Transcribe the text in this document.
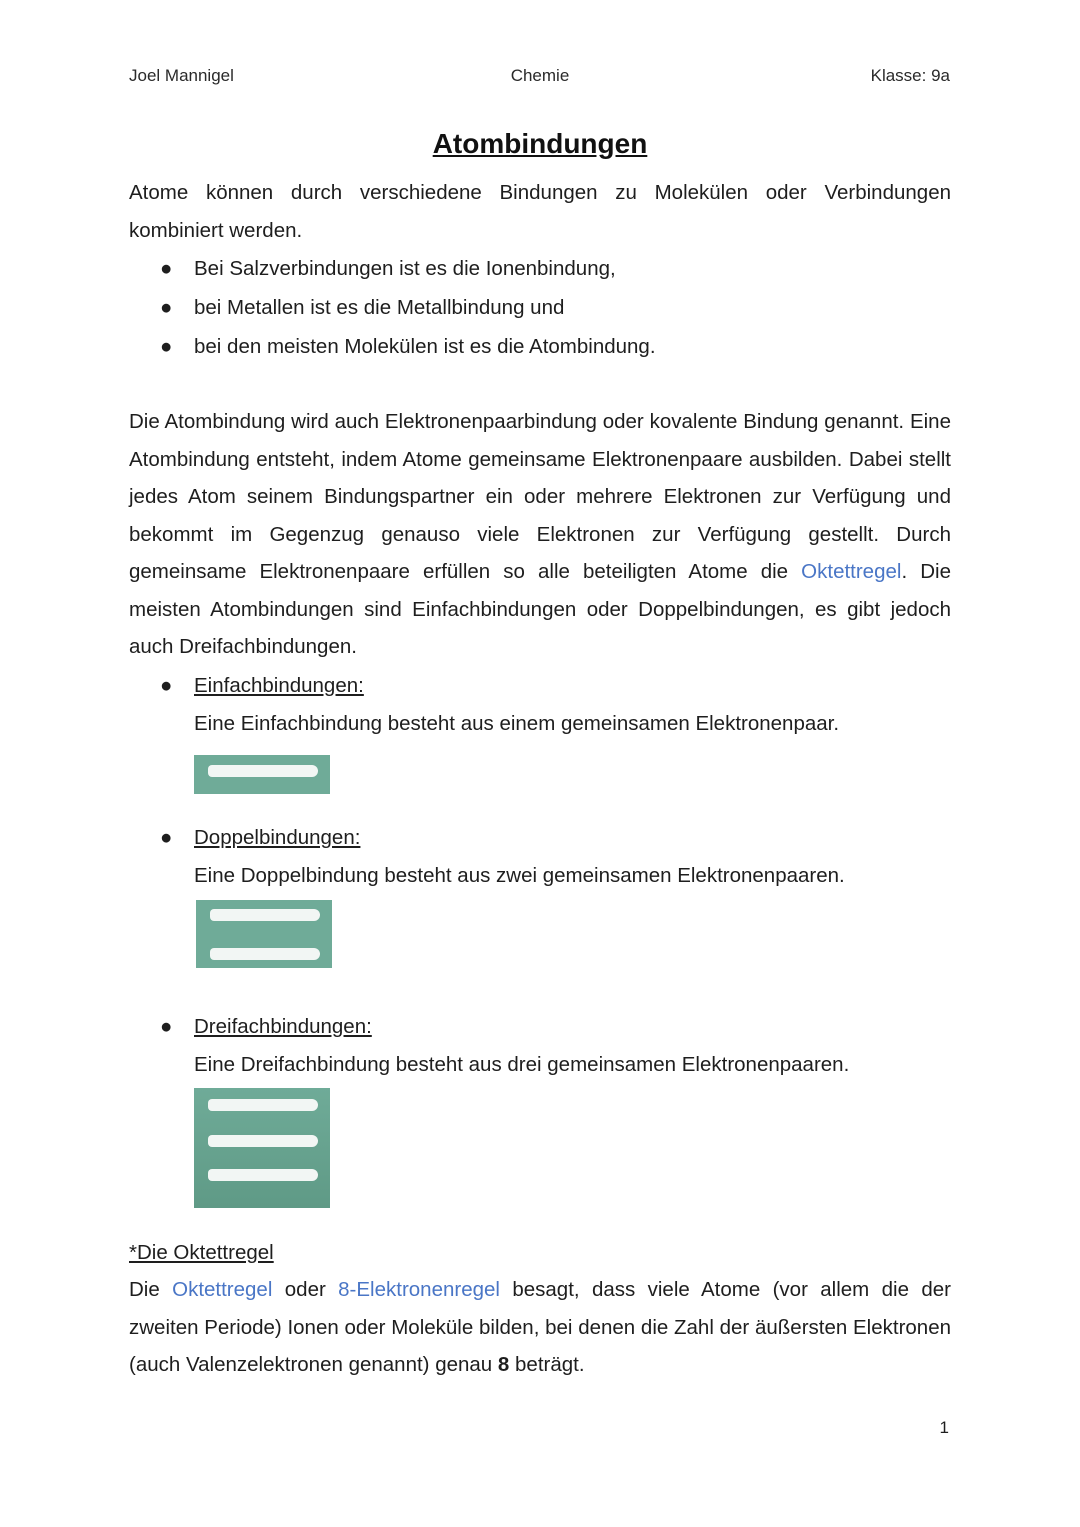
Joel Mannigel	Chemie	Klasse: 9a
Atombindungen

Atome können durch verschiedene Bindungen zu Molekülen oder Verbindungen kombiniert werden.

● Bei Salzverbindungen ist es die Ionenbindung,
● bei Metallen ist es die Metallbindung und
● bei den meisten Molekülen ist es die Atombindung.

Die Atombindung wird auch Elektronenpaarbindung oder kovalente Bindung genannt. Eine Atombindung entsteht, indem Atome gemeinsame Elektronenpaare ausbilden. Dabei stellt jedes Atom seinem Bindungspartner ein oder mehrere Elektronen zur Verfügung und bekommt im Gegenzug genauso viele Elektronen zur Verfügung gestellt. Durch gemeinsame Elektronenpaare erfüllen so alle beteiligten Atome die Oktettregel. Die meisten Atombindungen sind Einfachbindungen oder Doppelbindungen, es gibt jedoch auch Dreifachbindungen.

● Einfachbindungen:
Eine Einfachbindung besteht aus einem gemeinsamen Elektronenpaar.
● Doppelbindungen:
Eine Doppelbindung besteht aus zwei gemeinsamen Elektronenpaaren.
● Dreifachbindungen:
Eine Dreifachbindung besteht aus drei gemeinsamen Elektronenpaaren.
*Die Oktettregel

Die Oktettregel oder 8-Elektronenregel besagt, dass viele Atome (vor allem die der zweiten Periode) Ionen oder Moleküle bilden, bei denen die Zahl der äußersten Elektronen (auch Valenzelektronen genannt) genau 8 beträgt.

1
